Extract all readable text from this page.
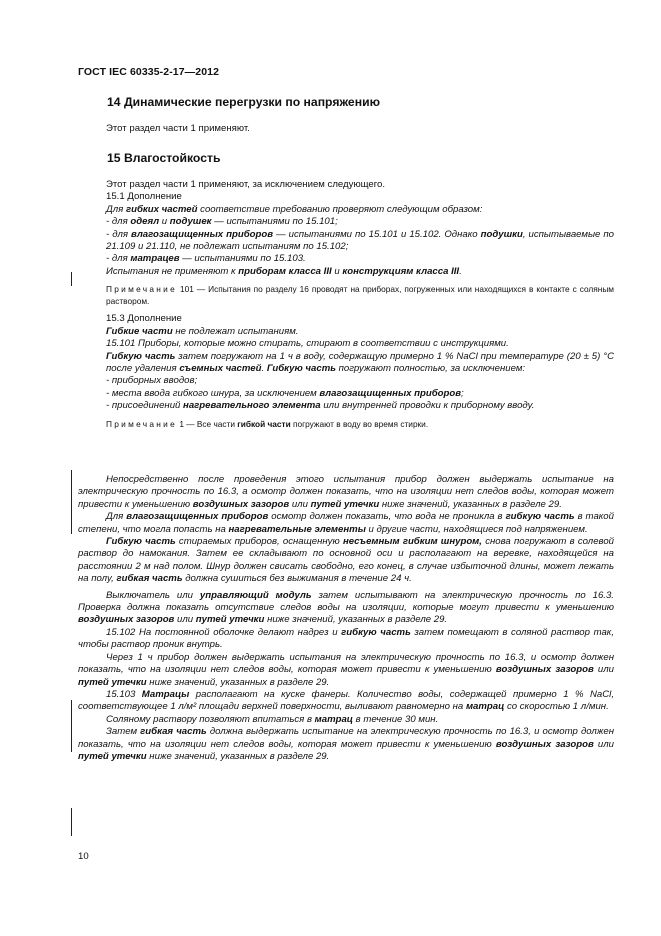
ГОСТ IEC 60335-2-17—2012
14 Динамические перегрузки по напряжению

Этот раздел части 1 применяют.

15 Влагостойкость

Этот раздел части 1 применяют, за исключением следующего.

15.1 Дополнение

Для гибких частей соответствие требованию проверяют следующим образом:

- для одеял и подушек — испытаниями по 15.101;

- для влагозащищенных приборов — испытаниями по 15.101 и 15.102. Однако подушки, испытываемые по 21.109 и 21.110, не подлежат испытаниям по 15.102;

- для матрацев — испытаниями по 15.103.

Испытания не применяют к приборам класса III и конструкциям класса III.

Примечание 101 — Испытания по разделу 16 проводят на приборах, погруженных или находящихся в контакте с соляным раствором.

15.3 Дополнение

Гибкие части не подлежат испытаниям.

15.101 Приборы, которые можно стирать, стирают в соответствии с инструкциями.

Гибкую часть затем погружают на 1 ч в воду, содержащую примерно 1 % NaCl при температуре (20 ± 5) °С после удаления съемных частей. Гибкую часть погружают полностью, за исключением:

- приборных вводов;

- места ввода гибкого шнура, за исключением влагозащищенных приборов;

- присоединений нагревательного элемента или внутренней проводки к приборному вводу.

Примечание 1 — Все части гибкой части погружают в воду во время стирки.

Непосредственно после проведения этого испытания прибор должен выдержать испытание на электрическую прочность по 16.3, а осмотр должен показать, что на изоляции нет следов воды, которая может привести к уменьшению воздушных зазоров или путей утечки ниже значений, указанных в разделе 29.

Для влагозащищенных приборов осмотр должен показать, что вода не проникла в гибкую часть в такой степени, что могла попасть на нагревательные элементы и другие части, находящиеся под напряжением.

Гибкую часть стираемых приборов, оснащенную несъемным гибким шнуром, снова погружают в солевой раствор до намокания. Затем ее складывают по основной оси и располагают на веревке, находящейся на расстоянии 2 м над полом. Шнур должен свисать свободно, его конец, в случае избыточной длины, может лежать на полу, гибкая часть должна сушиться без выжимания в течение 24 ч.

Выключатель или управляющий модуль затем испытывают на электрическую прочность по 16.3. Проверка должна показать отсутствие следов воды на изоляции, которые могут привести к уменьшению воздушных зазоров или путей утечки ниже значений, указанных в разделе 29.

15.102 На постоянной оболочке делают надрез и гибкую часть затем помещают в соляной раствор так, чтобы раствор проник внутрь.

Через 1 ч прибор должен выдержать испытания на электрическую прочность по 16.3, и осмотр должен показать, что на изоляции нет следов воды, которая может привести к уменьшению воздушных зазоров или путей утечки ниже значений, указанных в разделе 29.

15.103 Матрацы располагают на куске фанеры. Количество воды, содержащей примерно 1 % NaCl, соответствующее 1 л/м² площади верхней поверхности, выливают равномерно на матрац со скоростью 1 л/мин.

Соляному раствору позволяют впитаться в матрац в течение 30 мин.

Затем гибкая часть должна выдержать испытание на электрическую прочность по 16.3, и осмотр должен показать, что на изоляции нет следов воды, которая может привести к уменьшению воздушных зазоров или путей утечки ниже значений, указанных в разделе 29.

10
